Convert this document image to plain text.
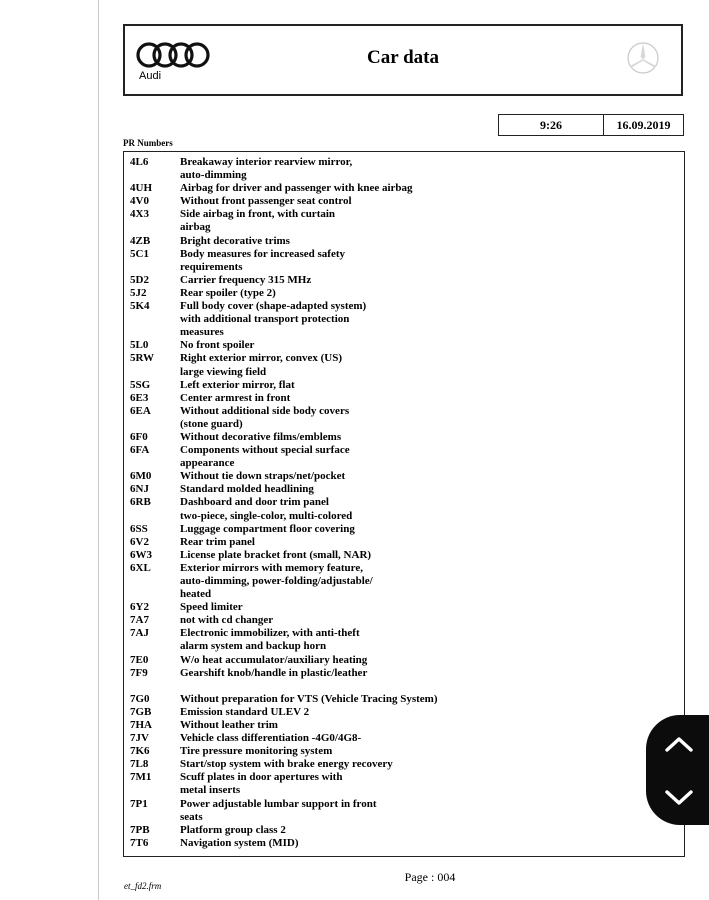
Audi
Car data
9:26	16.09.2019
PR Numbers
4L6	Breakaway interior rearview mirror,
auto-dimming
4UH	Airbag for driver and passenger with knee airbag
4V0	Without front passenger seat control
4X3	Side airbag in front, with curtain
airbag
4ZB	Bright decorative trims
5C1	Body measures for increased safety
requirements
5D2	Carrier frequency 315 MHz
5J2	Rear spoiler (type 2)
5K4	Full body cover (shape-adapted system)
with additional transport protection
measures
5L0	No front spoiler
5RW	Right exterior mirror, convex (US)
large viewing field
5SG	Left exterior mirror, flat
6E3	Center armrest in front
6EA	Without additional side body covers
(stone guard)
6F0	Without decorative films/emblems
6FA	Components without special surface
appearance
6M0	Without tie down straps/net/pocket
6NJ	Standard molded headlining
6RB	Dashboard and door trim panel
two-piece, single-color, multi-colored
6SS	Luggage compartment floor covering
6V2	Rear trim panel
6W3	License plate bracket front (small, NAR)
6XL	Exterior mirrors with memory feature,
auto-dimming, power-folding/adjustable/
heated
6Y2	Speed limiter
7A7	not with cd changer
7AJ	Electronic immobilizer, with anti-theft
alarm system and backup horn
7E0	W/o heat accumulator/auxiliary heating
7F9	Gearshift knob/handle in plastic/leather
7G0	Without preparation for VTS (Vehicle Tracing System)
7GB	Emission standard ULEV 2
7HA	Without leather trim
7JV	Vehicle class differentiation -4G0/4G8-
7K6	Tire pressure monitoring system
7L8	Start/stop system with brake energy recovery
7M1	Scuff plates in door apertures with
metal inserts
7P1	Power adjustable lumbar support in front
seats
7PB	Platform group class 2
7T6	Navigation system (MID)
Page : 004
et_fd2.frm
